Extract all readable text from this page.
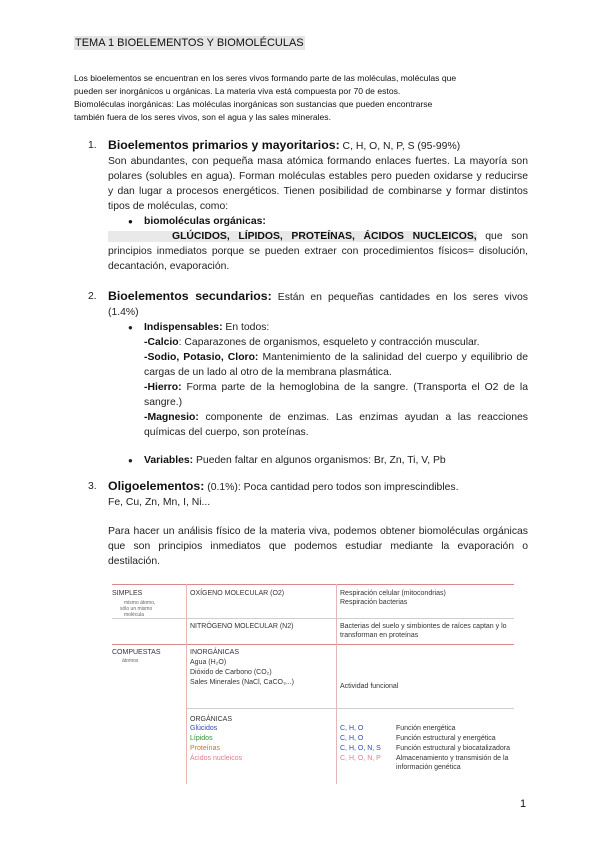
TEMA 1 BIOELEMENTOS Y BIOMOLÉCULAS
Los bioelementos se encuentran en los seres vivos formando parte de las moléculas, moléculas que
pueden ser inorgánicos u orgánicas. La materia viva está compuesta por 70 de estos.
Biomoléculas inorgánicas: Las moléculas inorgánicas son sustancias que pueden encontrarse
también fuera de los seres vivos, son el agua y las sales minerales.
1. Bioelementos primarios y mayoritarios: C, H, O, N, P, S (95-99%)
Son abundantes, con pequeña masa atómica formando enlaces fuertes. La mayoría son polares (solubles en agua). Forman moléculas estables pero pueden oxidarse y reducirse y dan lugar a procesos energéticos. Tienen posibilidad de combinarse y formar distintos tipos de moléculas, como:
● biomoléculas orgánicas:
GLÚCIDOS, LÍPIDOS, PROTEÍNAS, ÁCIDOS NUCLEICOS, que son principios inmediatos porque se pueden extraer con procedimientos físicos= disolución, decantación, evaporación.
2. Bioelementos secundarios: Están en pequeñas cantidades en los seres vivos (1.4%)
● Indispensables: En todos:
-Calcio: Caparazones de organismos, esqueleto y contracción muscular.
-Sodio, Potasio, Cloro: Mantenimiento de la salinidad del cuerpo y equilibrio de cargas de un lado al otro de la membrana plasmática.
-Hierro: Forma parte de la hemoglobina de la sangre. (Transporta el O2 de la sangre.)
-Magnesio: componente de enzimas. Las enzimas ayudan a las reacciones químicas del cuerpo, son proteínas.
● Variables: Pueden faltar en algunos organismos: Br, Zn, Ti, V, Pb
3. Oligoelementos: (0.1%): Poca cantidad pero todos son imprescindibles.
Fe, Cu, Zn, Mn, I, Ni...
Para hacer un análisis físico de la materia viva, podemos obtener biomoléculas orgánicas que son principios inmediatos que podemos estudiar mediante la evaporación o destilación.
SIMPLES
mismo átomo,
sólo un mismo
molécula
OXÍGENO MOLECULAR (O2)	Respiración celular (mitocondrias)
Respiración bacterias
NITRÓGENO MOLECULAR (N2)	Bacterias del suelo y simbiontes de raíces captan y lo
transforman en proteínas
COMPUESTAS
átomos
INORGÁNICAS
Agua (H₂O)
Dióxido de Carbono (CO₂)
Sales Minerales (NaCl, CaCO₃...)
Actividad funcional
ORGÁNICAS
Glúcidos
Lípidos
Proteínas
Ácidos nucleicos
C, H, O
C, H, O
C, H, O, N, S
C, H, O, N, P
Función energética
Función estructural y energética
Función estructural y biocatalizadora
Almacenamiento y transmisión de la
información genética
1
